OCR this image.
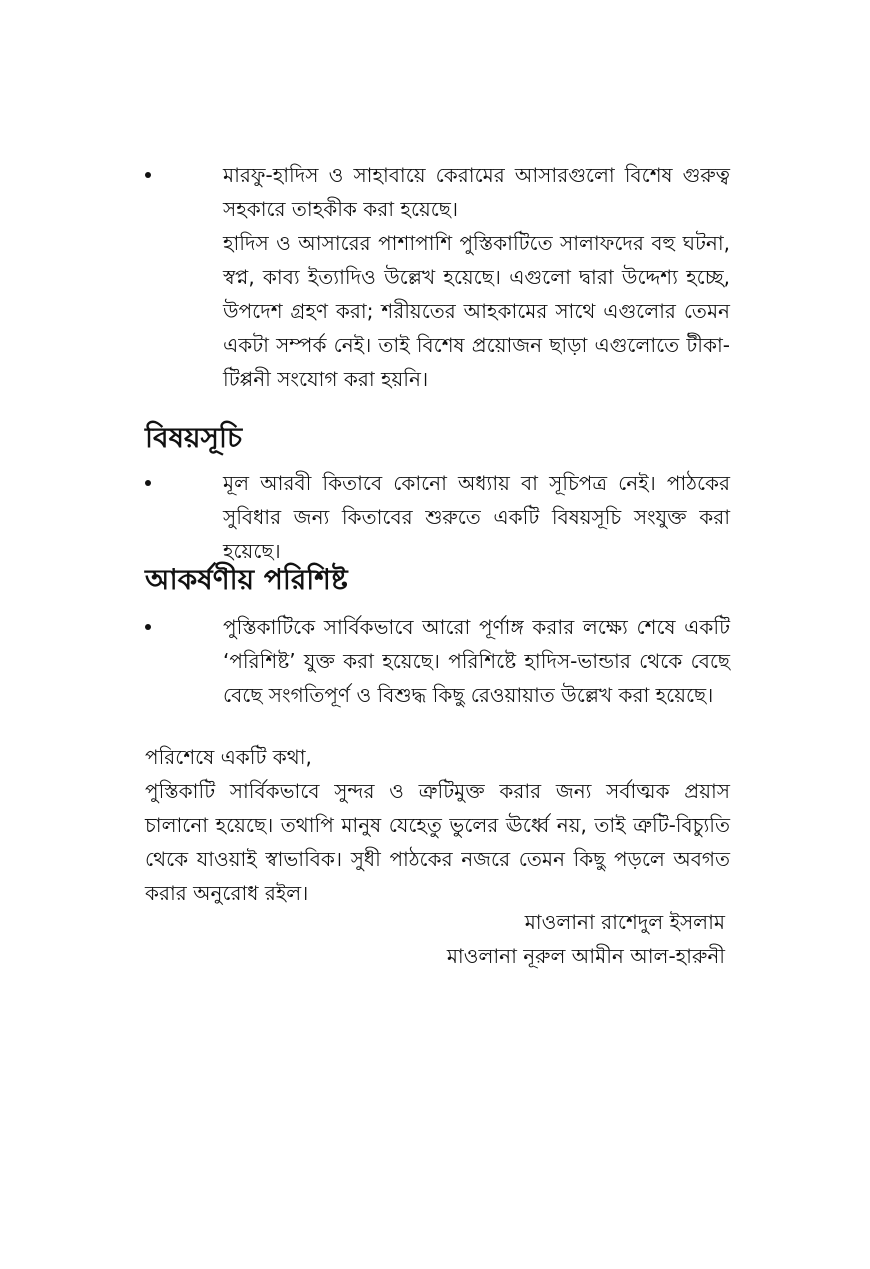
মারফু-হাদিস ও সাহাবায়ে কেরামের আসারগুলো বিশেষ গুরুত্ব সহকারে তাহকীক করা হয়েছে।

হাদিস ও আসারের পাশাপাশি পুস্তিকাটিতে সালাফদের বহু ঘটনা, স্বপ্ন, কাব্য ইত্যাদিও উল্লেখ হয়েছে। এগুলো দ্বারা উদ্দেশ্য হচ্ছে, উপদেশ গ্রহণ করা; শরীয়তের আহকামের সাথে এগুলোর তেমন একটা সম্পর্ক নেই। তাই বিশেষ প্রয়োজন ছাড়া এগুলোতে টীকা-টিপ্পনী সংযোগ করা হয়নি।

বিষয়সূচি

মূল আরবী কিতাবে কোনো অধ্যায় বা সূচিপত্র নেই। পাঠকের সুবিধার জন্য কিতাবের শুরুতে একটি বিষয়সূচি সংযুক্ত করা হয়েছে।

আকর্ষণীয় পরিশিষ্ট

পুস্তিকাটিকে সার্বিকভাবে আরো পূর্ণাঙ্গ করার লক্ষ্যে শেষে একটি ‘পরিশিষ্ট’ যুক্ত করা হয়েছে। পরিশিষ্টে হাদিস-ভান্ডার থেকে বেছে বেছে সংগতিপূর্ণ ও বিশুদ্ধ কিছু রেওয়ায়াত উল্লেখ করা হয়েছে।

পরিশেষে একটি কথা,

পুস্তিকাটি সার্বিকভাবে সুন্দর ও ত্রুটিমুক্ত করার জন্য সর্বাত্মক প্রয়াস চালানো হয়েছে। তথাপি মানুষ যেহেতু ভুলের ঊর্ধ্বে নয়, তাই ত্রুটি-বিচ্যুতি থেকে যাওয়াই স্বাভাবিক। সুধী পাঠকের নজরে তেমন কিছু পড়লে অবগত করার অনুরোধ রইল।

মাওলানা রাশেদুল ইসলাম
মাওলানা নূরুল আমীন আল-হারুনী
